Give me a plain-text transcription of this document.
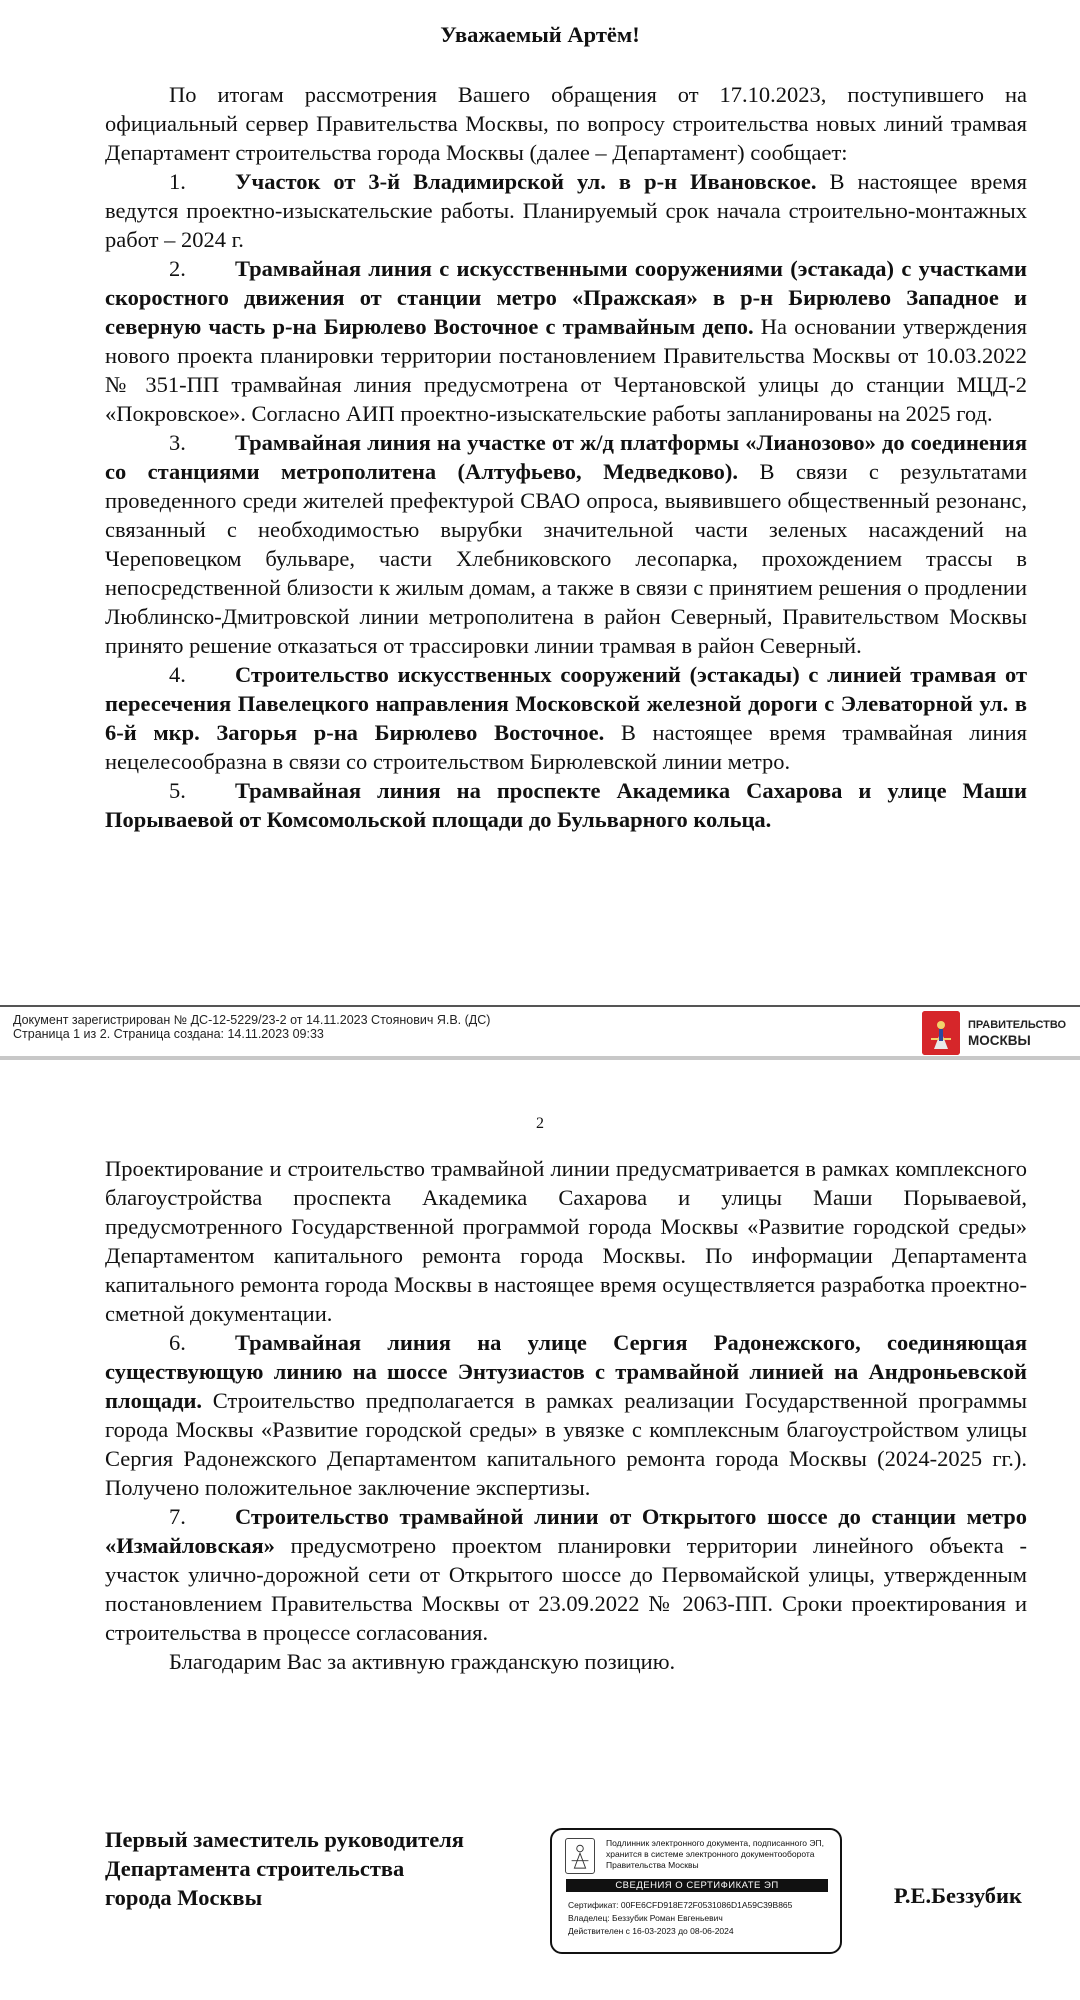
Уважаемый Артём!

По итогам рассмотрения Вашего обращения от 17.10.2023, поступившего на официальный сервер Правительства Москвы, по вопросу строительства новых линий трамвая Департамент строительства города Москвы (далее – Департамент) сообщает:

1. Участок от 3-й Владимирской ул. в р-н Ивановское. В настоящее время ведутся проектно-изыскательские работы. Планируемый срок начала строительно-монтажных работ – 2024 г.

2. Трамвайная линия с искусственными сооружениями (эстакада) с участками скоростного движения от станции метро «Пражская» в р-н Бирюлево Западное и северную часть р-на Бирюлево Восточное с трамвайным депо. На основании утверждения нового проекта планировки территории постановлением Правительства Москвы от 10.03.2022 № 351-ПП трамвайная линия предусмотрена от Чертановской улицы до станции МЦД-2 «Покровское». Согласно АИП проектно-изыскательские работы запланированы на 2025 год.

3. Трамвайная линия на участке от ж/д платформы «Лианозово» до соединения со станциями метрополитена (Алтуфьево, Медведково). В связи с результатами проведенного среди жителей префектурой СВАО опроса, выявившего общественный резонанс, связанный с необходимостью вырубки значительной части зеленых насаждений на Череповецком бульваре, части Хлебниковского лесопарка, прохождением трассы в непосредственной близости к жилым домам, а также в связи с принятием решения о продлении Люблинско-Дмитровской линии метрополитена в район Северный, Правительством Москвы принято решение отказаться от трассировки линии трамвая в район Северный.

4. Строительство искусственных сооружений (эстакады) с линией трамвая от пересечения Павелецкого направления Московской железной дороги с Элеваторной ул. в 6-й мкр. Загорья р-на Бирюлево Восточное. В настоящее время трамвайная линия нецелесообразна в связи со строительством Бирюлевской линии метро.

5. Трамвайная линия на проспекте Академика Сахарова и улице Маши Порываевой от Комсомольской площади до Бульварного кольца.

Документ зарегистрирован № ДС-12-5229/23-2 от 14.11.2023 Стоянович Я.В. (ДС)
Страница 1 из 2. Страница создана: 14.11.2023 09:33
ПРАВИТЕЛЬСТВО
МОСКВЫ
2

Проектирование и строительство трамвайной линии предусматривается в рамках комплексного благоустройства проспекта Академика Сахарова и улицы Маши Порываевой, предусмотренного Государственной программой города Москвы «Развитие городской среды» Департаментом капитального ремонта города Москвы. По информации Департамента капитального ремонта города Москвы в настоящее время осуществляется разработка проектно-сметной документации.

6. Трамвайная линия на улице Сергия Радонежского, соединяющая существующую линию на шоссе Энтузиастов с трамвайной линией на Андроньевской площади. Строительство предполагается в рамках реализации Государственной программы города Москвы «Развитие городской среды» в увязке с комплексным благоустройством улицы Сергия Радонежского Департаментом капитального ремонта города Москвы (2024-2025 гг.). Получено положительное заключение экспертизы.

7. Строительство трамвайной линии от Открытого шоссе до станции метро «Измайловская» предусмотрено проектом планировки территории линейного объекта - участок улично-дорожной сети от Открытого шоссе до Первомайской улицы, утвержденным постановлением Правительства Москвы от 23.09.2022 № 2063-ПП. Сроки проектирования и строительства в процессе согласования.

Благодарим Вас за активную гражданскую позицию.

Первый заместитель руководителя
Департамента строительства
города Москвы
Подлинник электронного документа, подписанного ЭП, хранится в системе электронного документооборота Правительства Москвы
СВЕДЕНИЯ О СЕРТИФИКАТЕ ЭП
Сертификат: 00FE6CFD918E72F0531086D1A59C39B865
Владелец: Беззубик Роман Евгеньевич
Действителен с 16-03-2023 до 08-06-2024
Р.Е.Беззубик
